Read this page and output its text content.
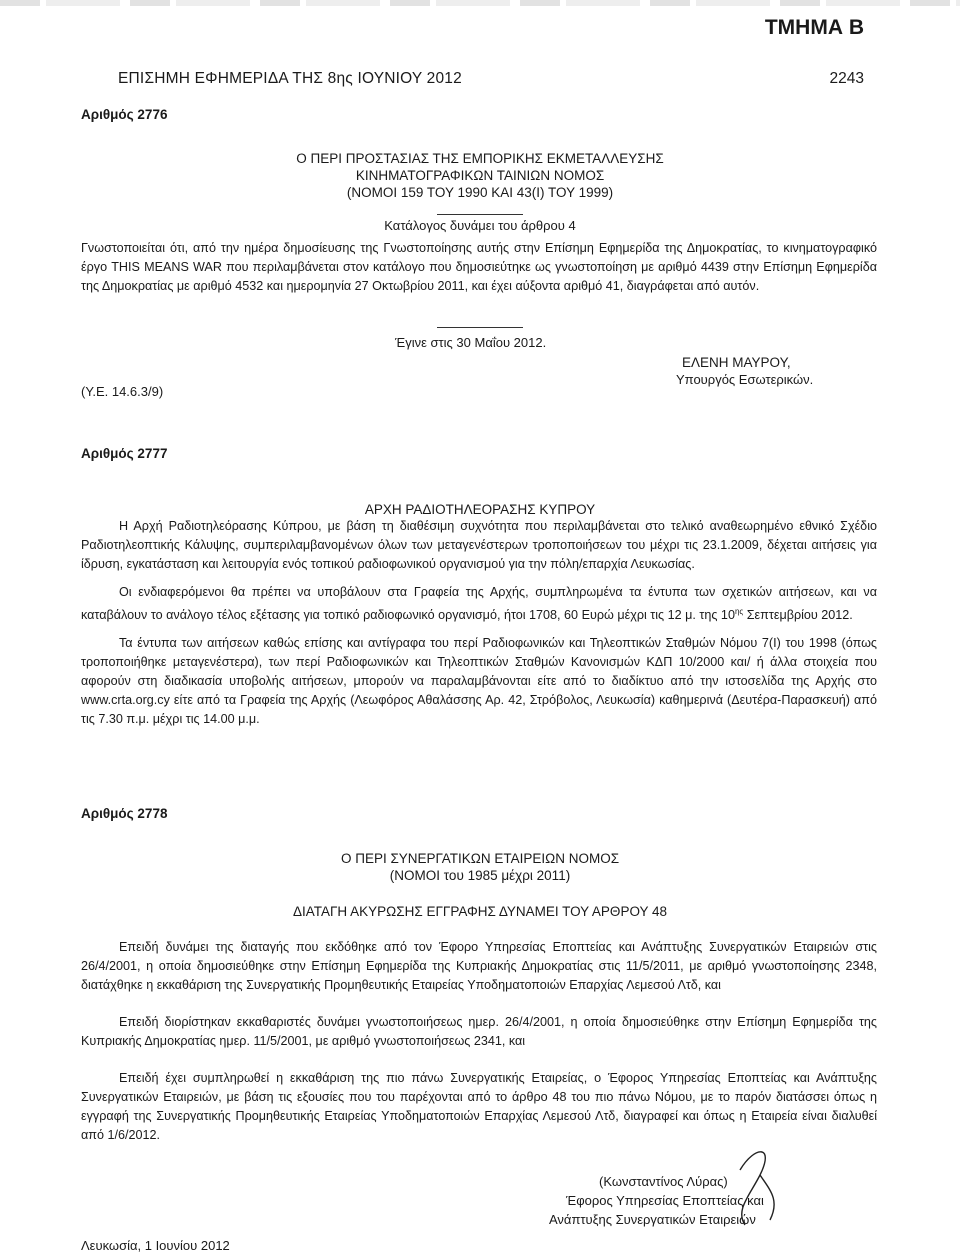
ΤΜΗΜΑ Β
ΕΠΙΣΗΜΗ ΕΦΗΜΕΡΙΔΑ ΤΗΣ 8ης ΙΟΥΝΙΟΥ 2012	2243
Αριθμός 2776
Ο ΠΕΡΙ ΠΡΟΣΤΑΣΙΑΣ ΤΗΣ ΕΜΠΟΡΙΚΗΣ ΕΚΜΕΤΑΛΛΕΥΣΗΣ
ΚΙΝΗΜΑΤΟΓΡΑΦΙΚΩΝ ΤΑΙΝΙΩΝ ΝΟΜΟΣ
(ΝΟΜΟΙ 159 ΤΟΥ 1990 ΚΑΙ 43(Ι) ΤΟΥ 1999)
Κατάλογος δυνάμει του άρθρου 4

Γνωστοποιείται ότι, από την ημέρα δημοσίευσης της Γνωστοποίησης αυτής στην Επίσημη Εφημερίδα της Δημοκρατίας, το κινηματογραφικό έργο THIS MEANS WAR που περιλαμβάνεται στον κατάλογο που δημοσιεύτηκε ως γνωστοποίηση με αριθμό 4439 στην Επίσημη Εφημερίδα της Δημοκρατίας με αριθμό 4532 και ημερομηνία 27 Οκτωβρίου 2011, και έχει αύξοντα αριθμό 41, διαγράφεται από αυτόν.

Έγινε στις 30 Μαΐου 2012.
ΕΛΕΝΗ ΜΑΥΡΟΥ,
Υπουργός Εσωτερικών.
(Υ.Ε. 14.6.3/9)
Αριθμός 2777
ΑΡΧΗ ΡΑΔΙΟΤΗΛΕΟΡΑΣΗΣ ΚΥΠΡΟΥ

Η Αρχή Ραδιοτηλεόρασης Κύπρου, με βάση τη διαθέσιμη συχνότητα που περιλαμβάνεται στο τελικό αναθεωρημένο εθνικό Σχέδιο Ραδιοτηλεοπτικής Κάλυψης, συμπεριλαμβανομένων όλων των μεταγενέστερων τροποποιήσεων του μέχρι τις 23.1.2009, δέχεται αιτήσεις για ίδρυση, εγκατάσταση και λειτουργία ενός τοπικού ραδιοφωνικού οργανισμού για την πόλη/επαρχία Λευκωσίας.

Οι ενδιαφερόμενοι θα πρέπει να υποβάλουν στα Γραφεία της Αρχής, συμπληρωμένα τα έντυπα των σχετικών αιτήσεων, και να καταβάλουν το ανάλογο τέλος εξέτασης για τοπικό ραδιοφωνικό οργανισμό, ήτοι 1708, 60 Ευρώ μέχρι τις 12 μ. της $10^{\eta\varsigma}$ Σεπτεμβρίου 2012.

Τα έντυπα των αιτήσεων καθώς επίσης και αντίγραφα του περί Ραδιοφωνικών και Τηλεοπτικών Σταθμών Νόμου 7(Ι) του 1998 (όπως τροποποιήθηκε μεταγενέστερα), των περί Ραδιοφωνικών και Τηλεοπτικών Σταθμών Κανονισμών ΚΔΠ 10/2000 και/ ή άλλα στοιχεία που αφορούν στη διαδικασία υποβολής αιτήσεων, μπορούν να παραλαμβάνονται είτε από το διαδίκτυο από την ιστοσελίδα της Αρχής στο www.crta.org.cy είτε από τα Γραφεία της Αρχής (Λεωφόρος Αθαλάσσης Αρ. 42, Στρόβολος, Λευκωσία) καθημερινά (Δευτέρα-Παρασκευή) από τις 7.30 π.μ. μέχρι τις 14.00 μ.μ.

Αριθμός 2778
Ο ΠΕΡΙ ΣΥΝΕΡΓΑΤΙΚΩΝ ΕΤΑΙΡΕΙΩΝ ΝΟΜΟΣ
(ΝΟΜΟΙ του 1985 μέχρι 2011)
ΔΙΑΤΑΓΗ ΑΚΥΡΩΣΗΣ ΕΓΓΡΑΦΗΣ ΔΥΝΑΜΕΙ ΤΟΥ ΑΡΘΡΟΥ 48

Επειδή δυνάμει της διαταγής που εκδόθηκε από τον Έφορο Υπηρεσίας Εποπτείας και Ανάπτυξης Συνεργατικών Εταιρειών στις 26/4/2001, η οποία δημοσιεύθηκε στην Επίσημη Εφημερίδα της Κυπριακής Δημοκρατίας στις 11/5/2011, με αριθμό γνωστοποίησης 2348, διατάχθηκε η εκκαθάριση της Συνεργατικής Προμηθευτικής Εταιρείας Υποδηματοποιών Επαρχίας Λεμεσού Λτδ, και

Επειδή διορίστηκαν εκκαθαριστές δυνάμει γνωστοποιήσεως ημερ. 26/4/2001, η οποία δημοσιεύθηκε στην Επίσημη Εφημερίδα της Κυπριακής Δημοκρατίας ημερ. 11/5/2001, με αριθμό γνωστοποιήσεως 2341, και

Επειδή έχει συμπληρωθεί η εκκαθάριση της πιο πάνω Συνεργατικής Εταιρείας, ο Έφορος Υπηρεσίας Εποπτείας και Ανάπτυξης Συνεργατικών Εταιρειών, με βάση τις εξουσίες που του παρέχονται από το άρθρο 48 του πιο πάνω Νόμου, με το παρόν διατάσσει όπως η εγγραφή της Συνεργατικής Προμηθευτικής Εταιρείας Υποδηματοποιών Επαρχίας Λεμεσού Λτδ, διαγραφεί και όπως η Εταιρεία είναι διαλυθεί από 1/6/2012.

(Κωνσταντίνος Λύρας)
Έφορος Υπηρεσίας Εποπτείας και
Ανάπτυξης Συνεργατικών Εταιρειών
Λευκωσία, 1 Ιουνίου 2012
